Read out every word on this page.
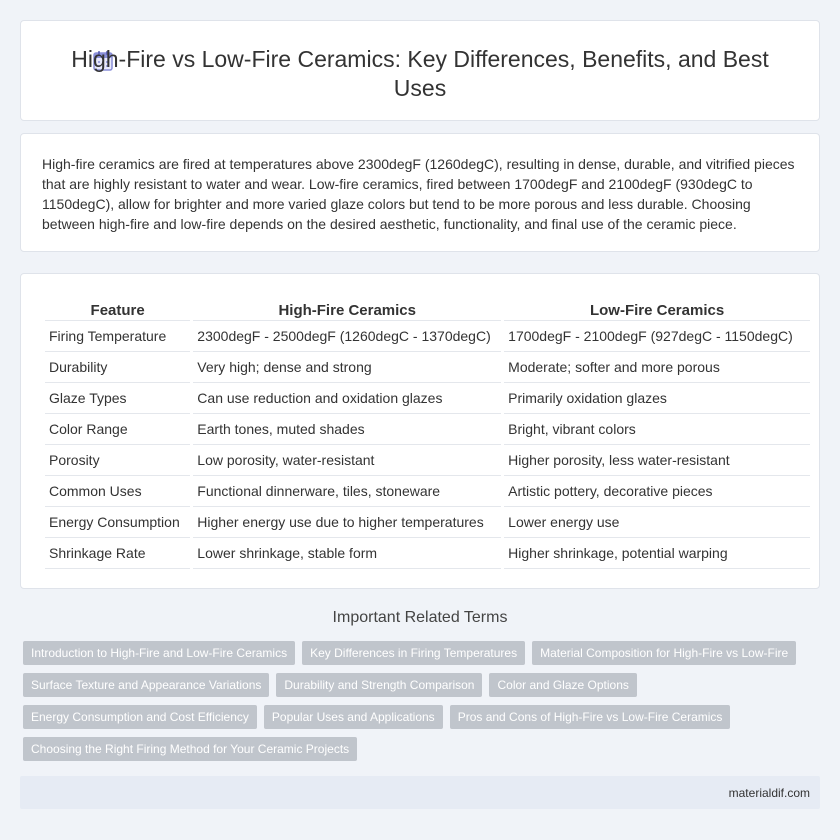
High-Fire vs Low-Fire Ceramics: Key Differences, Benefits, and Best Uses

High-fire ceramics are fired at temperatures above 2300degF (1260degC), resulting in dense, durable, and vitrified pieces that are highly resistant to water and wear. Low-fire ceramics, fired between 1700degF and 2100degF (930degC to 1150degC), allow for brighter and more varied glaze colors but tend to be more porous and less durable. Choosing between high-fire and low-fire depends on the desired aesthetic, functionality, and final use of the ceramic piece.

Feature	High-Fire Ceramics	Low-Fire Ceramics
Firing Temperature	2300degF - 2500degF (1260degC - 1370degC)	1700degF - 2100degF (927degC - 1150degC)
Durability	Very high; dense and strong	Moderate; softer and more porous
Glaze Types	Can use reduction and oxidation glazes	Primarily oxidation glazes
Color Range	Earth tones, muted shades	Bright, vibrant colors
Porosity	Low porosity, water-resistant	Higher porosity, less water-resistant
Common Uses	Functional dinnerware, tiles, stoneware	Artistic pottery, decorative pieces
Energy Consumption	Higher energy use due to higher temperatures	Lower energy use
Shrinkage Rate	Lower shrinkage, stable form	Higher shrinkage, potential warping
Important Related Terms
Introduction to High-Fire and Low-Fire Ceramics	Key Differences in Firing Temperatures	Material Composition for High-Fire vs Low-Fire
Surface Texture and Appearance Variations	Durability and Strength Comparison	Color and Glaze Options
Energy Consumption and Cost Efficiency	Popular Uses and Applications	Pros and Cons of High-Fire vs Low-Fire Ceramics
Choosing the Right Firing Method for Your Ceramic Projects
materialdif.com
